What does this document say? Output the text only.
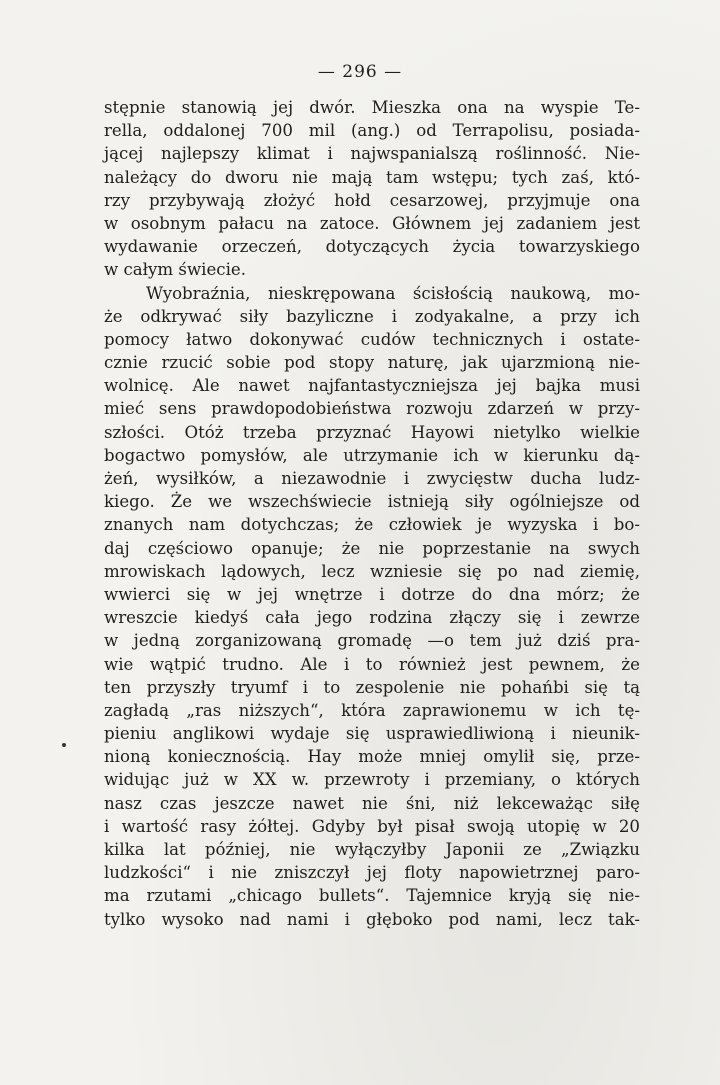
— 296 —
stępnie stanowią jej dwór. Mieszka ona na wyspie Te-
rella, oddalonej 700 mil (ang.) od Terrapolisu, posiada-
jącej najlepszy klimat i najwspanialszą roślinność. Nie-
należący do dworu nie mają tam wstępu; tych zaś, któ-
rzy przybywają złożyć hołd cesarzowej, przyjmuje ona
w osobnym pałacu na zatoce. Głównem jej zadaniem jest
wydawanie orzeczeń, dotyczących życia towarzyskiego
w całym świecie.
Wyobraźnia, nieskrępowana ścisłością naukową, mo-
że odkrywać siły bazyliczne i zodyakalne, a przy ich
pomocy łatwo dokonywać cudów technicznych i ostate-
cznie rzucić sobie pod stopy naturę, jak ujarzmioną nie-
wolnicę. Ale nawet najfantastyczniejsza jej bajka musi
mieć sens prawdopodobieństwa rozwoju zdarzeń w przy-
szłości. Otóż trzeba przyznać Hayowi nietylko wielkie
bogactwo pomysłów, ale utrzymanie ich w kierunku dą-
żeń, wysiłków, a niezawodnie i zwycięstw ducha ludz-
kiego. Że we wszechświecie istnieją siły ogólniejsze od
znanych nam dotychczas; że człowiek je wyzyska i bo-
daj częściowo opanuje; że nie poprzestanie na swych
mrowiskach lądowych, lecz wzniesie się po nad ziemię,
wwierci się w jej wnętrze i dotrze do dna mórz; że
wreszcie kiedyś cała jego rodzina złączy się i zewrze
w jedną zorganizowaną gromadę —o tem już dziś pra-
wie wątpić trudno. Ale i to również jest pewnem, że
ten przyszły tryumf i to zespolenie nie pohańbi się tą
zagładą „ras niższych“, która zaprawionemu w ich tę-
pieniu anglikowi wydaje się usprawiedliwioną i nieunik-
nioną koniecznością. Hay może mniej omylił się, prze-
widując już w XX w. przewroty i przemiany, o których
nasz czas jeszcze nawet nie śni, niż lekceważąc siłę
i wartość rasy żółtej. Gdyby był pisał swoją utopię w 20
kilka lat później, nie wyłączyłby Japonii ze „Związku
ludzkości“ i nie zniszczył jej floty napowietrznej paro-
ma rzutami „chicago bullets“. Tajemnice kryją się nie-
tylko wysoko nad nami i głęboko pod nami, lecz tak-
